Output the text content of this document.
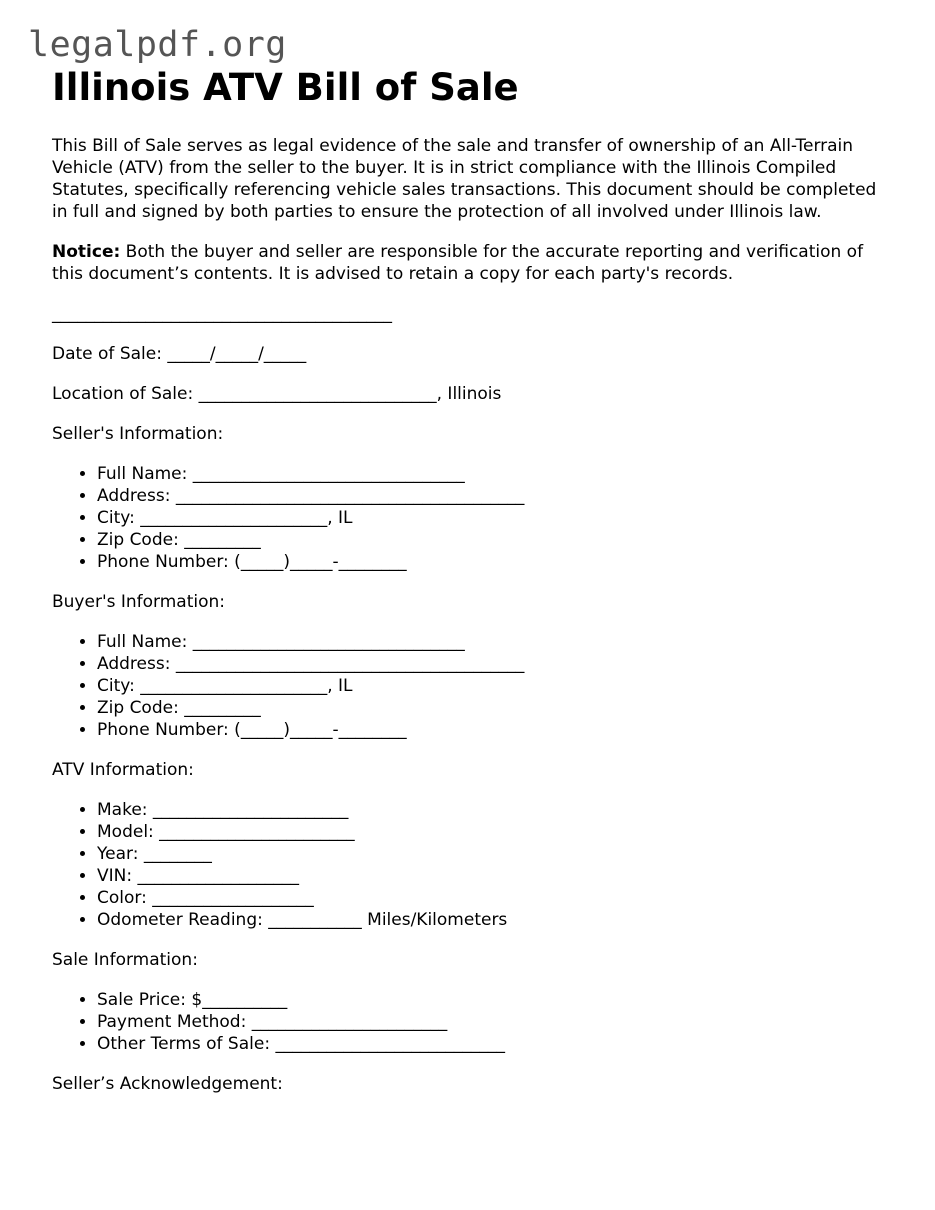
legalpdf.org
Illinois ATV Bill of Sale

This Bill of Sale serves as legal evidence of the sale and transfer of ownership of an All-Terrain Vehicle (ATV) from the seller to the buyer. It is in strict compliance with the Illinois Compiled Statutes, specifically referencing vehicle sales transactions. This document should be completed in full and signed by both parties to ensure the protection of all involved under Illinois law.

Notice: Both the buyer and seller are responsible for the accurate reporting and verification of this document’s contents. It is advised to retain a copy for each party's records.

________________________________________
Date of Sale: _____/_____/_____
Location of Sale: ____________________________, Illinois
Seller's Information:
• Full Name: ________________________________
• Address: _________________________________________
• City: ______________________, IL
• Zip Code: _________
• Phone Number: (_____)_____-________
Buyer's Information:
• Full Name: ________________________________
• Address: _________________________________________
• City: ______________________, IL
• Zip Code: _________
• Phone Number: (_____)_____-________
ATV Information:
• Make: _______________________
• Model: _______________________
• Year: ________
• VIN: ___________________
• Color: ___________________
• Odometer Reading: ___________ Miles/Kilometers
Sale Information:
• Sale Price: $__________
• Payment Method: _______________________
• Other Terms of Sale: ___________________________
Seller’s Acknowledgement:
